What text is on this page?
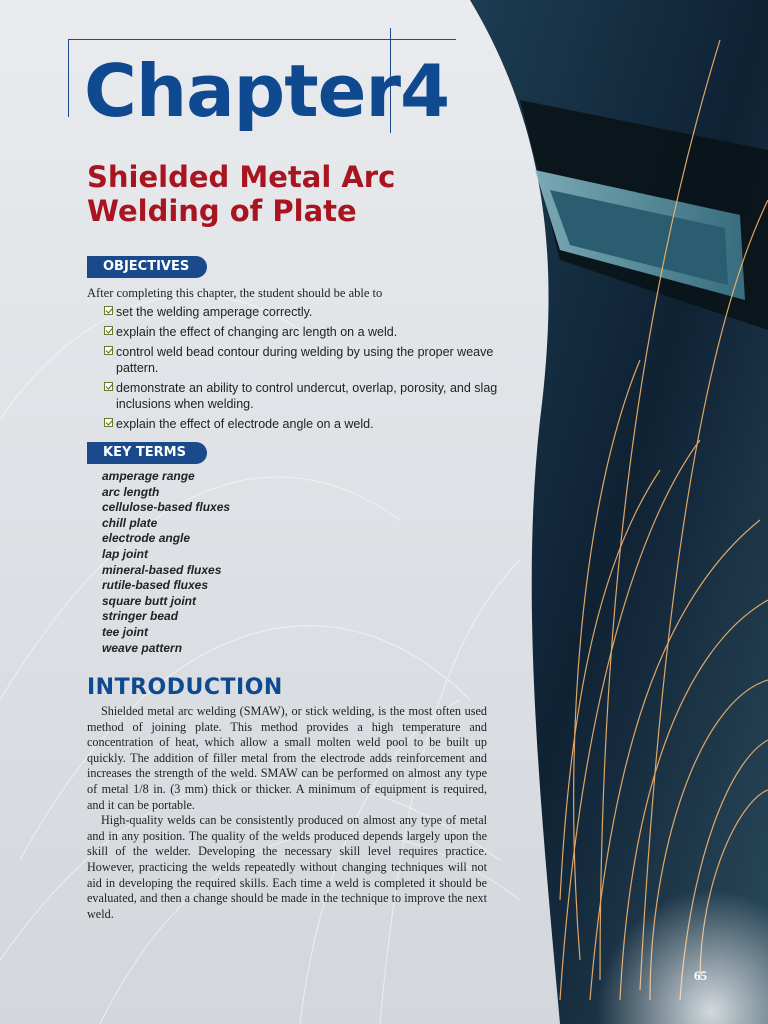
Chapter 4
Shielded Metal Arc
Welding of Plate
OBJECTIVES
After completing this chapter, the student should be able to
set the welding amperage correctly.
explain the effect of changing arc length on a weld.
control weld bead contour during welding by using the proper weave pattern.
demonstrate an ability to control undercut, overlap, porosity, and slag inclusions when welding.
explain the effect of electrode angle on a weld.
KEY TERMS
amperage range
arc length
cellulose-based fluxes
chill plate
electrode angle
lap joint
mineral-based fluxes
rutile-based fluxes
square butt joint
stringer bead
tee joint
weave pattern
INTRODUCTION

Shielded metal arc welding (SMAW), or stick welding, is the most often used method of joining plate. This method provides a high temperature and concentration of heat, which allow a small molten weld pool to be built up quickly. The addition of filler metal from the electrode adds reinforcement and increases the strength of the weld. SMAW can be performed on almost any type of metal 1/8 in. (3 mm) thick or thicker. A minimum of equipment is required, and it can be portable.

High-quality welds can be consistently produced on almost any type of metal and in any position. The quality of the welds produced depends largely upon the skill of the welder. Developing the necessary skill level requires practice. However, practicing the welds repeatedly without changing techniques will not aid in developing the required skills. Each time a weld is completed it should be evaluated, and then a change should be made in the technique to improve the next weld.

65
